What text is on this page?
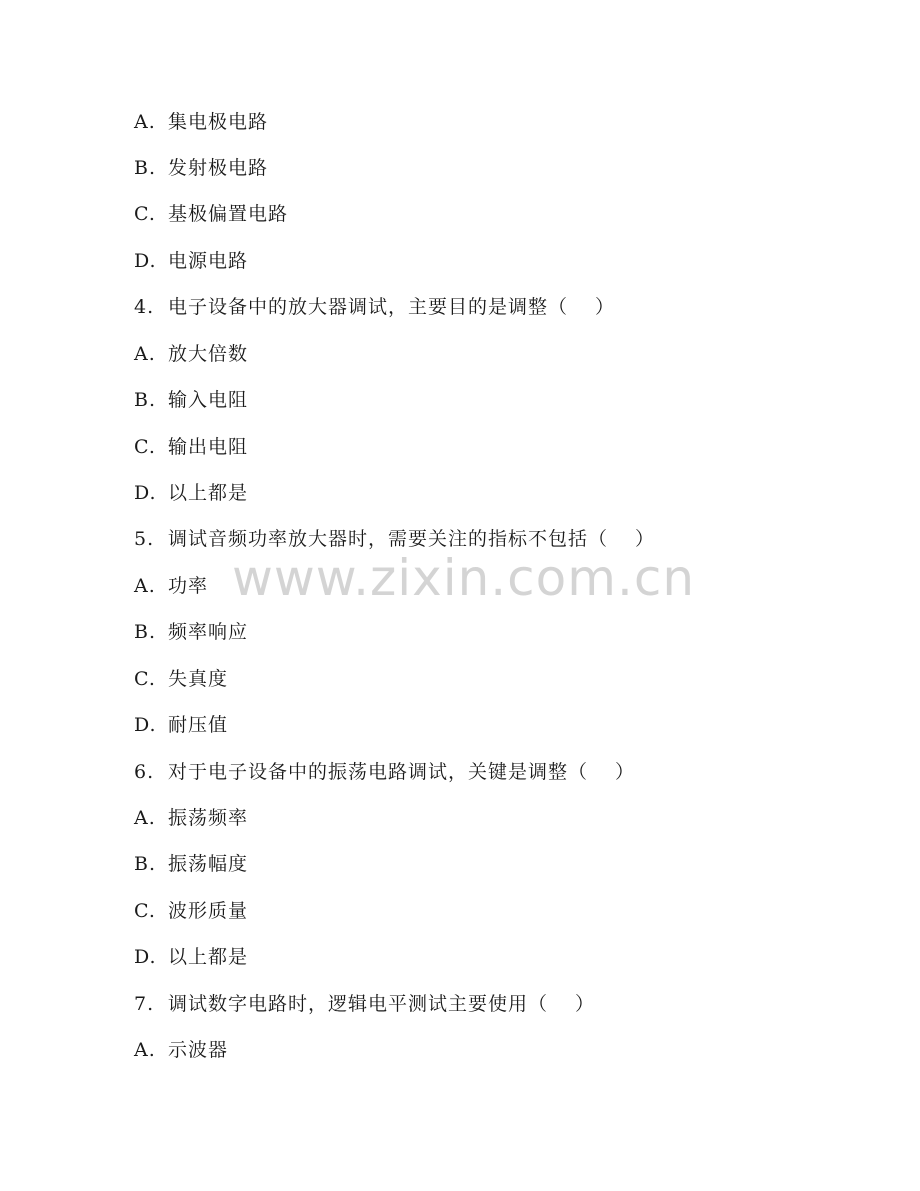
A. 集电极电路
B. 发射极电路
C. 基极偏置电路
D. 电源电路
4. 电子设备中的放大器调试，主要目的是调整（　 ）
A. 放大倍数
B. 输入电阻
C. 输出电阻
D. 以上都是
5. 调试音频功率放大器时，需要关注的指标不包括（　 ）
A. 功率
B. 频率响应
C. 失真度
D. 耐压值
6. 对于电子设备中的振荡电路调试，关键是调整（　 ）
A. 振荡频率
B. 振荡幅度
C. 波形质量
D. 以上都是
7. 调试数字电路时，逻辑电平测试主要使用（　 ）
A. 示波器
www.zixin.com.cn
